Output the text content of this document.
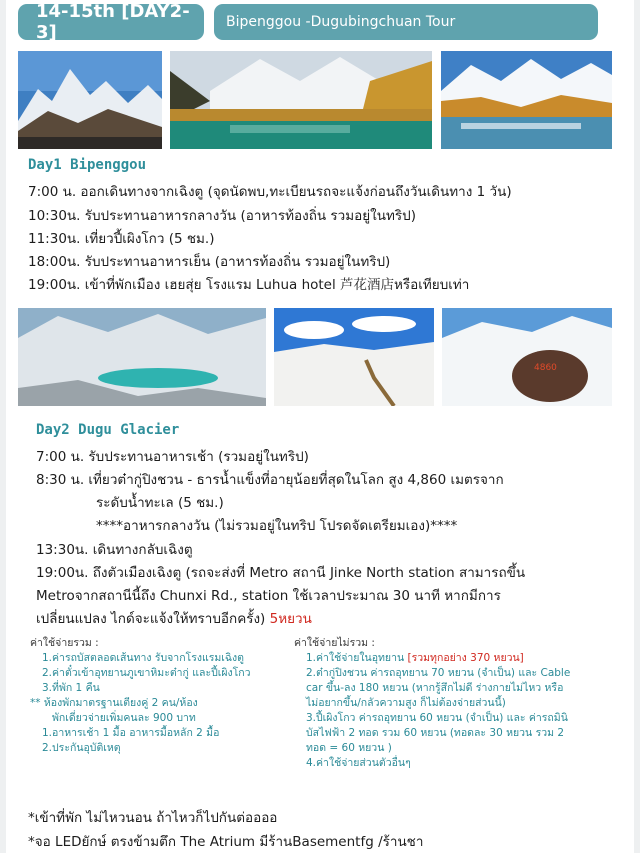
14-15th [DAY2-3]	Bipenggou -Dugubingchuan Tour
Day1 Bipenggou
7:00 น. ออกเดินทางจากเฉิงตู (จุดนัดพบ,ทะเบียนรถจะแจ้งก่อนถึงวันเดินทาง 1 วัน)
10:30น. รับประทานอาหารกลางวัน (อาหารท้องถิ่น รวมอยู่ในทริป)
11:30น. เที่ยวปี้เผิงโกว (5 ชม.)
18:00น. รับประทานอาหารเย็น (อาหารท้องถิ่น รวมอยู่ในทริป)
19:00น. เข้าที่พักเมือง เฮยสุ่ย โรงแรม Luhua hotel 芦花酒店หรือเทียบเท่า
4860
Day2 Dugu Glacier
7:00 น. รับประทานอาหารเช้า (รวมอยู่ในทริป)
8:30 น. เที่ยวต๋ากู่ปิงชวน - ธารน้ำแข็งที่อายุน้อยที่สุดในโลก สูง 4,860 เมตรจาก
ระดับน้ำทะเล (5 ชม.)
****อาหารกลางวัน (ไม่รวมอยู่ในทริป โปรดจัดเตรียมเอง)****
13:30น. เดินทางกลับเฉิงตู
19:00น. ถึงตัวเมืองเฉิงตู (รถจะส่งที่ Metro สถานี Jinke North station สามารถขึ้น
Metroจากสถานีนี้ถึง Chunxi Rd., station ใช้เวลาประมาณ 30 นาที หากมีการ
เปลี่ยนแปลง ไกด์จะแจ้งให้ทราบอีกครั้ง) 5หยวน
ค่าใช้จ่ายรวม :
1.ค่ารถบัสตลอดเส้นทาง รับจากโรงแรมเฉิงตู
2.ค่าตั๋วเข้าอุทยานภูเขาหิมะต๋ากู่ และปี้เผิงโกว
3.ที่พัก 1 คืน
** ห้องพักมาตรฐานเตียงคู่ 2 คน/ห้อง
พักเดี่ยวจ่ายเพิ่มคนละ 900 บาท
1.อาหารเช้า 1 มื้อ อาหารมื้อหลัก 2 มื้อ
2.ประกันอุบัติเหตุ
ค่าใช้จ่ายไม่รวม :
1.ค่าใช้จ่ายในอุทยาน [รวมทุกอย่าง 370 หยวน]
2.ต๋ากู่ปิงชวน ค่ารถอุทยาน 70 หยวน (จำเป็น) และ Cable
car ขึ้น-ลง 180 หยวน (หากรู้สึกไม่ดี ร่างกายไม่ไหว หรือ
ไม่อยากขึ้น/กลัวความสูง ก็ไม่ต้องจ่ายส่วนนี้)
3.ปี้เผิงโกว ค่ารถอุทยาน 60 หยวน (จำเป็น) และ ค่ารถมินิ
บัสไฟฟ้า 2 ทอด รวม 60 หยวน (ทอดละ 30 หยวน รวม 2
ทอด = 60 หยวน )
4.ค่าใช้จ่ายส่วนตัวอื่นๆ
*เข้าที่พัก ไม่ไหวนอน ถ้าไหวก็ไปกันต่ออออ
*จอ LEDยักษ์ ตรงข้ามตึก The Atrium มีร้านBasementfg /ร้านชา
